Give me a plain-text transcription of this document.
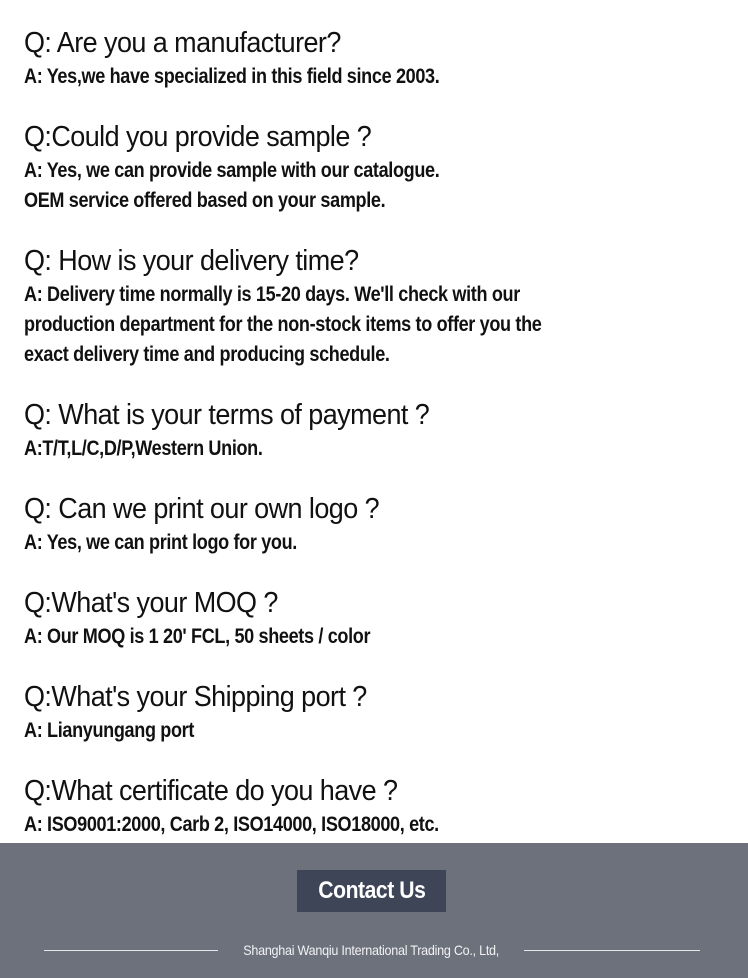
Q: Are you a manufacturer?
A: Yes,we have specialized in this field since 2003.
Q:Could you provide sample ?
A: Yes, we can provide sample with our catalogue.
OEM service offered based on your sample.
Q: How is your delivery time?
A: Delivery time normally is 15-20 days. We'll check with our
production department for the non-stock items to offer you the
exact delivery time and producing schedule.
Q: What is your terms of payment ?
A:T/T,L/C,D/P,Western Union.
Q: Can we print our own logo ?
A: Yes, we can print logo for you.
Q:What's your MOQ ?
A: Our MOQ is 1 20' FCL, 50 sheets / color
Q:What's your Shipping port ?
A: Lianyungang port
Q:What certificate do you have ?
A: ISO9001:2000, Carb 2, ISO14000, ISO18000, etc.
Contact Us
Shanghai Wanqiu International Trading Co., Ltd,
